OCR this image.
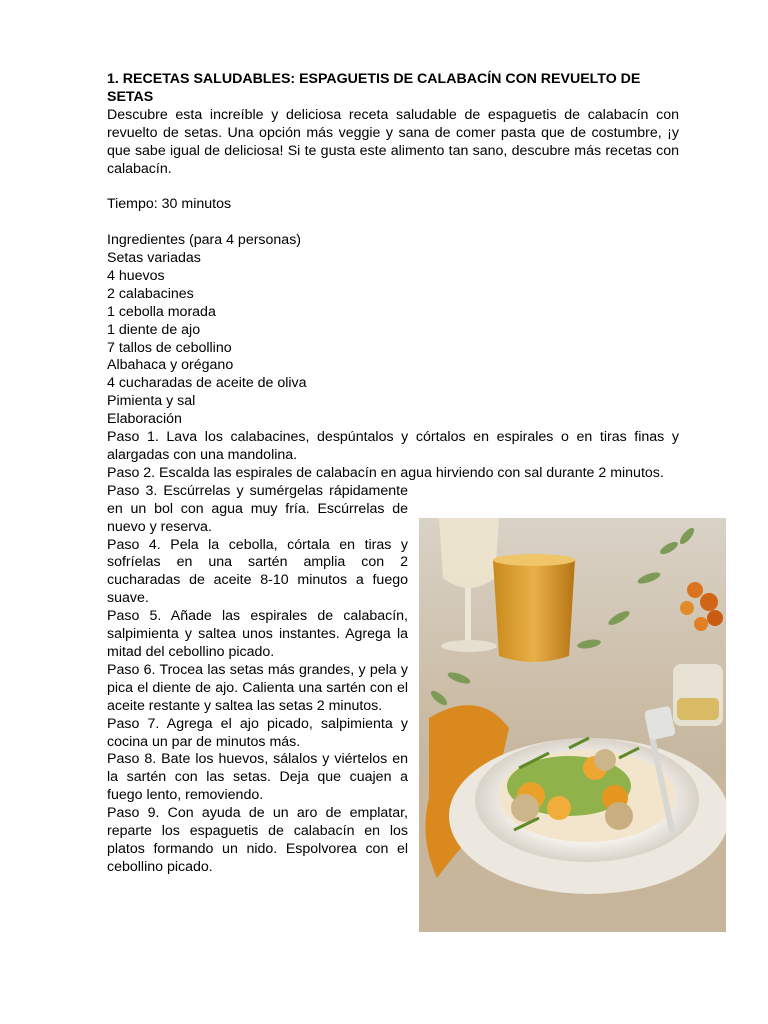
1. RECETAS SALUDABLES: ESPAGUETIS DE CALABACÍN CON REVUELTO DE SETAS

Descubre esta increíble y deliciosa receta saludable de espaguetis de calabacín con revuelto de setas. Una opción más veggie y sana de comer pasta que de costumbre, ¡y que sabe igual de deliciosa! Si te gusta este alimento tan sano, descubre más recetas con calabacín.

Tiempo: 30 minutos

Ingredientes (para 4 personas)

Setas variadas

4 huevos

2 calabacines

1 cebolla morada

1 diente de ajo

7 tallos de cebollino

Albahaca y orégano

4 cucharadas de aceite de oliva

Pimienta y sal

Elaboración

Paso 1. Lava los calabacines, despúntalos y córtalos en espirales o en tiras finas y alargadas con una mandolina.

Paso 2. Escalda las espirales de calabacín en agua hirviendo con sal durante 2 minutos.

Paso 3. Escúrrelas y sumérgelas rápidamente en un bol con agua muy fría. Escúrrelas de nuevo y reserva.

Paso 4. Pela la cebolla, córtala en tiras y sofríelas en una sartén amplia con 2 cucharadas de aceite 8-10 minutos a fuego suave.

Paso 5. Añade las espirales de calabacín, salpimienta y saltea unos instantes. Agrega la mitad del cebollino picado.

Paso 6. Trocea las setas más grandes, y pela y pica el diente de ajo. Calienta una sartén con el aceite restante y saltea las setas 2 minutos.

Paso 7. Agrega el ajo picado, salpimienta y cocina un par de minutos más.

Paso 8. Bate los huevos, sálalos y viértelos en la sartén con las setas. Deja que cuajen a fuego lento, removiendo.

Paso 9. Con ayuda de un aro de emplatar, reparte los espaguetis de calabacín en los platos formando un nido. Espolvorea con el cebollino picado.
